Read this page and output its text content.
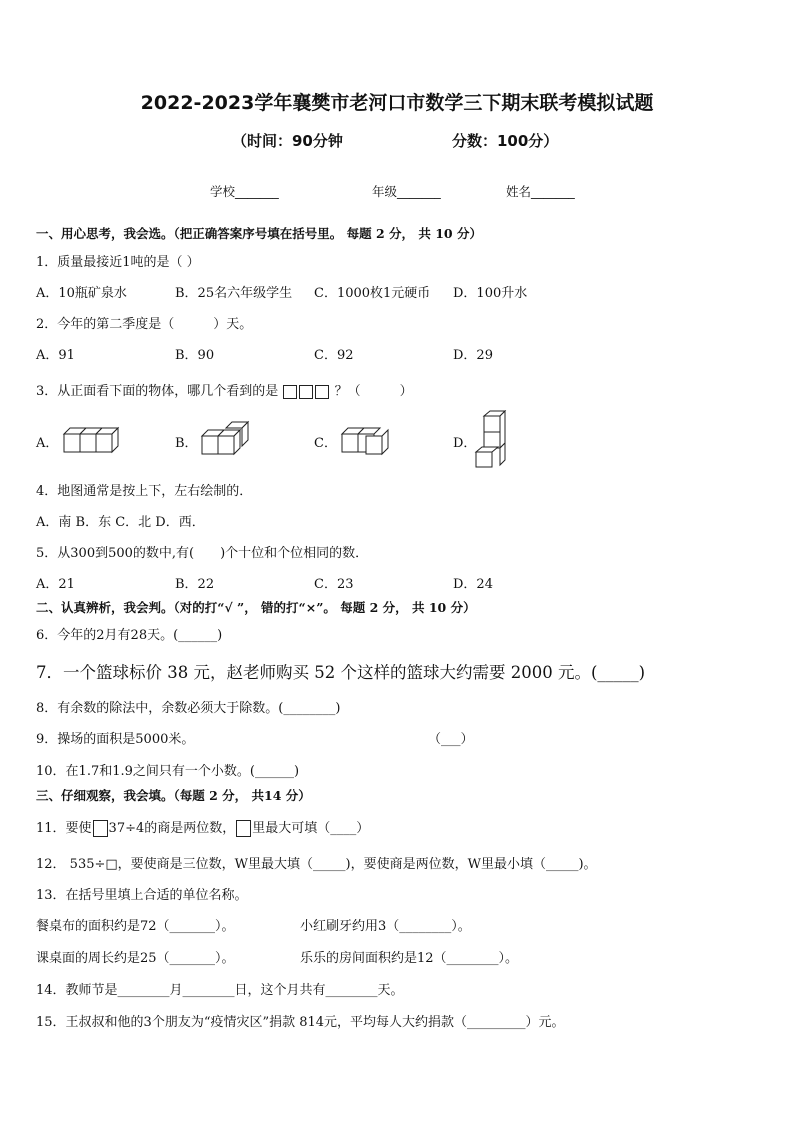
2022-2023学年襄樊市老河口市数学三下期末联考模拟试题
（时间：90分钟	分数：100分）
学校_______	年级_______	姓名_______
一、用心思考，我会选。（把正确答案序号填在括号里。 每题 2 分， 共 10 分）
1．质量最接近1吨的是（ ）
A．10瓶矿泉水	B．25名六年级学生 C．1000枚1元硬币 D．100升水
2．今年的第二季度是（　　　）天。
A．91	B．90	C．92	D．29
3．从正面看下面的物体，哪几个看到的是	？（　　　）
A．	B．	C．	D．
4．地图通常是按上下，左右绘制的．
A．南 B．东 C．北 D．西．
5．从300到500的数中,有(　　)个十位和个位相同的数．
A．21	B．22	C．23	D．24
二、认真辨析，我会判。（对的打“√ ”， 错的打“×”。 每题 2 分， 共 10 分）
6．今年的2月有28天。(______)
7．一个篮球标价 38 元，赵老师购买 52 个这样的篮球大约需要 2000 元。(_____)
8．有余数的除法中，余数必须大于除数。(________)
9．操场的面积是5000米。	（___）
10．在1.7和1.9之间只有一个小数。(______)
三、仔细观察，我会填。（每题 2 分， 共14 分）
11．要使 37÷4的商是两位数， 里最大可填（____）
12． 535÷□，要使商是三位数，W里最大填（_____)，要使商是两位数，W里最小填（_____)。
13．在括号里填上合适的单位名称。
餐桌布的面积约是72（_______）。	小红刷牙约用3（________）。
课桌面的周长约是25（_______）。	乐乐的房间面积约是12（________）。
14．教师节是________月________日，这个月共有________天。
15．王叔叔和他的3个朋友为“疫情灾区”捐款 814元，平均每人大约捐款（_________）元。
